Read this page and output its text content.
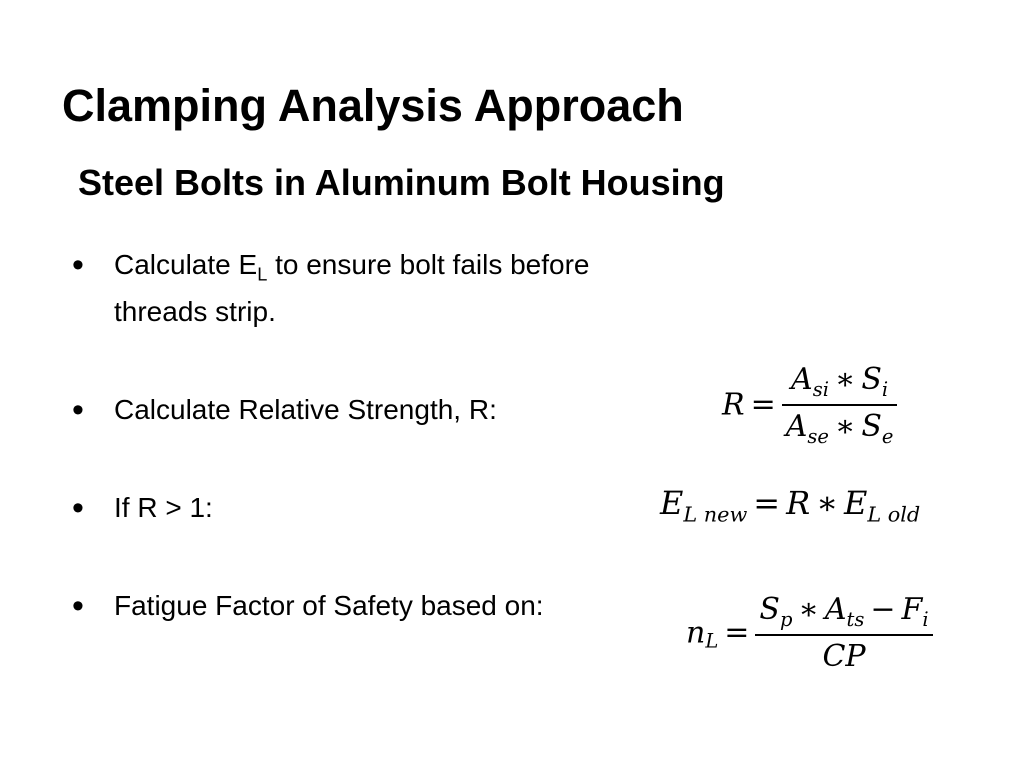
Clamping Analysis Approach
Steel Bolts in Aluminum Bolt Housing
• Calculate $E_L$ to ensure bolt fails before threads strip.
• Calculate Relative Strength, R:
• If R > 1:
• Fatigue Factor of Safety based on:
$R = \frac{A_{si} ∗ S_i}{A_{se} ∗ S_e}$
$E_{L new} = R$ ∗ $E_{L old}$
$n_L = \frac{S_p ∗ A_{ts} - F_i}{CP}$
